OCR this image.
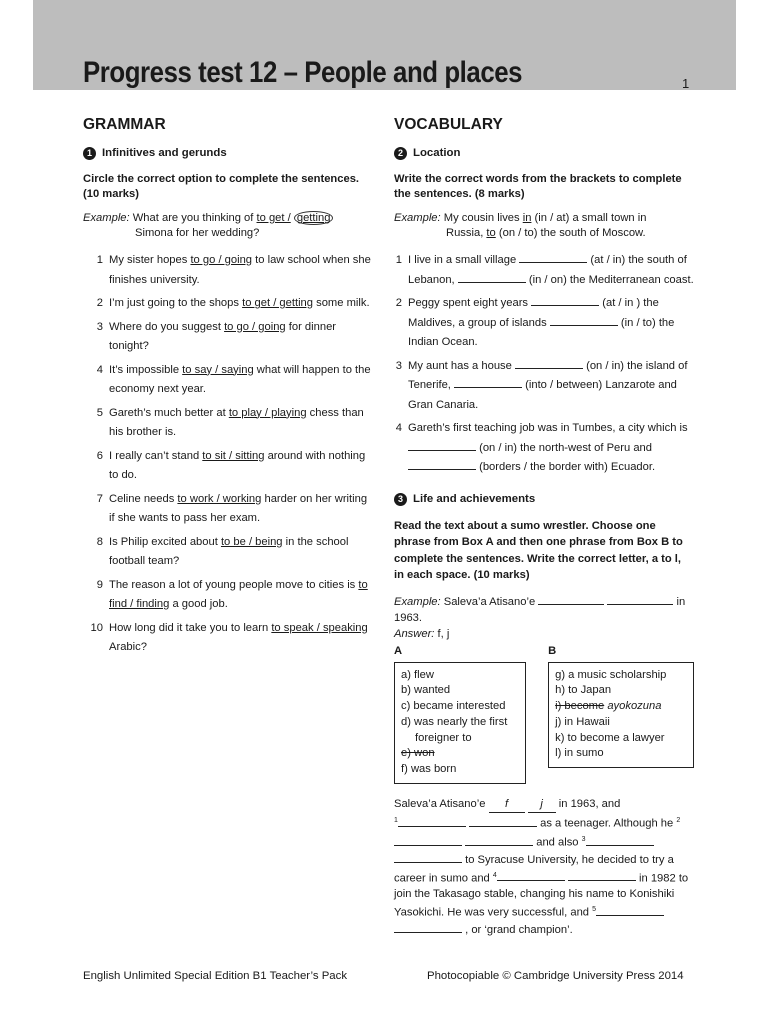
Progress test 12 – People and places	1
GRAMMAR
1 Infinitives and gerunds
Circle the correct option to complete the sentences. (10 marks)
Example: What are you thinking of to get / getting
Simona for her wedding?
1 My sister hopes to go / going to law school when she finishes university.
2 I’m just going to the shops to get / getting some milk.
3 Where do you suggest to go / going for dinner tonight?
4 It’s impossible to say / saying what will happen to the economy next year.
5 Gareth’s much better at to play / playing chess than his brother is.
6 I really can’t stand to sit / sitting around with nothing to do.
7 Celine needs to work / working harder on her writing if she wants to pass her exam.
8 Is Philip excited about to be / being in the school football team?
9 The reason a lot of young people move to cities is to find / finding a good job.
10 How long did it take you to learn to speak / speaking Arabic?
VOCABULARY
2 Location
Write the correct words from the brackets to complete the sentences. (8 marks)
Example: My cousin lives in (in / at) a small town in
Russia, to (on / to) the south of Moscow.
1 I live in a small village	(at / in) the south of Lebanon,	(in / on) the Mediterranean coast.
2 Peggy spent eight years	(at / in ) the Maldives, a group of islands	(in / to) the Indian Ocean.
3 My aunt has a house	(on / in) the island of Tenerife,	(into / between) Lanzarote and Gran Canaria.
4 Gareth’s first teaching job was in Tumbes, a city which is  (on / in) the north-west of Peru and  (borders / the border with) Ecuador.
3 Life and achievements
Read the text about a sumo wrestler. Choose one phrase from Box A and then one phrase from Box B to complete the sentences. Write the correct letter, a to l, in each space. (10 marks)
Example: Saleva’a Atisano’e	in 1963.
Answer: f, j
A
a) flew
b) wanted
c) became interested
d) was nearly the first
foreigner to
e) won
f) was born
B
g) a music scholarship
h) to Japan
i) become ayokozuna
j) in Hawaii
k) to become a lawyer
l) in sumo
Saleva’a Atisano’e f	j in 1963, and
$^1$	as a teenager. Although he $^2$  and also $^3$  to Syracuse University, he decided to try a career in sumo and $^4$	in 1982 to join the Takasago stable, changing his name to Konishiki Yasokichi. He was very successful, and $^5$  , or ‘grand champion’.
English Unlimited Special Edition B1 Teacher’s Pack	Photocopiable © Cambridge University Press 2014
